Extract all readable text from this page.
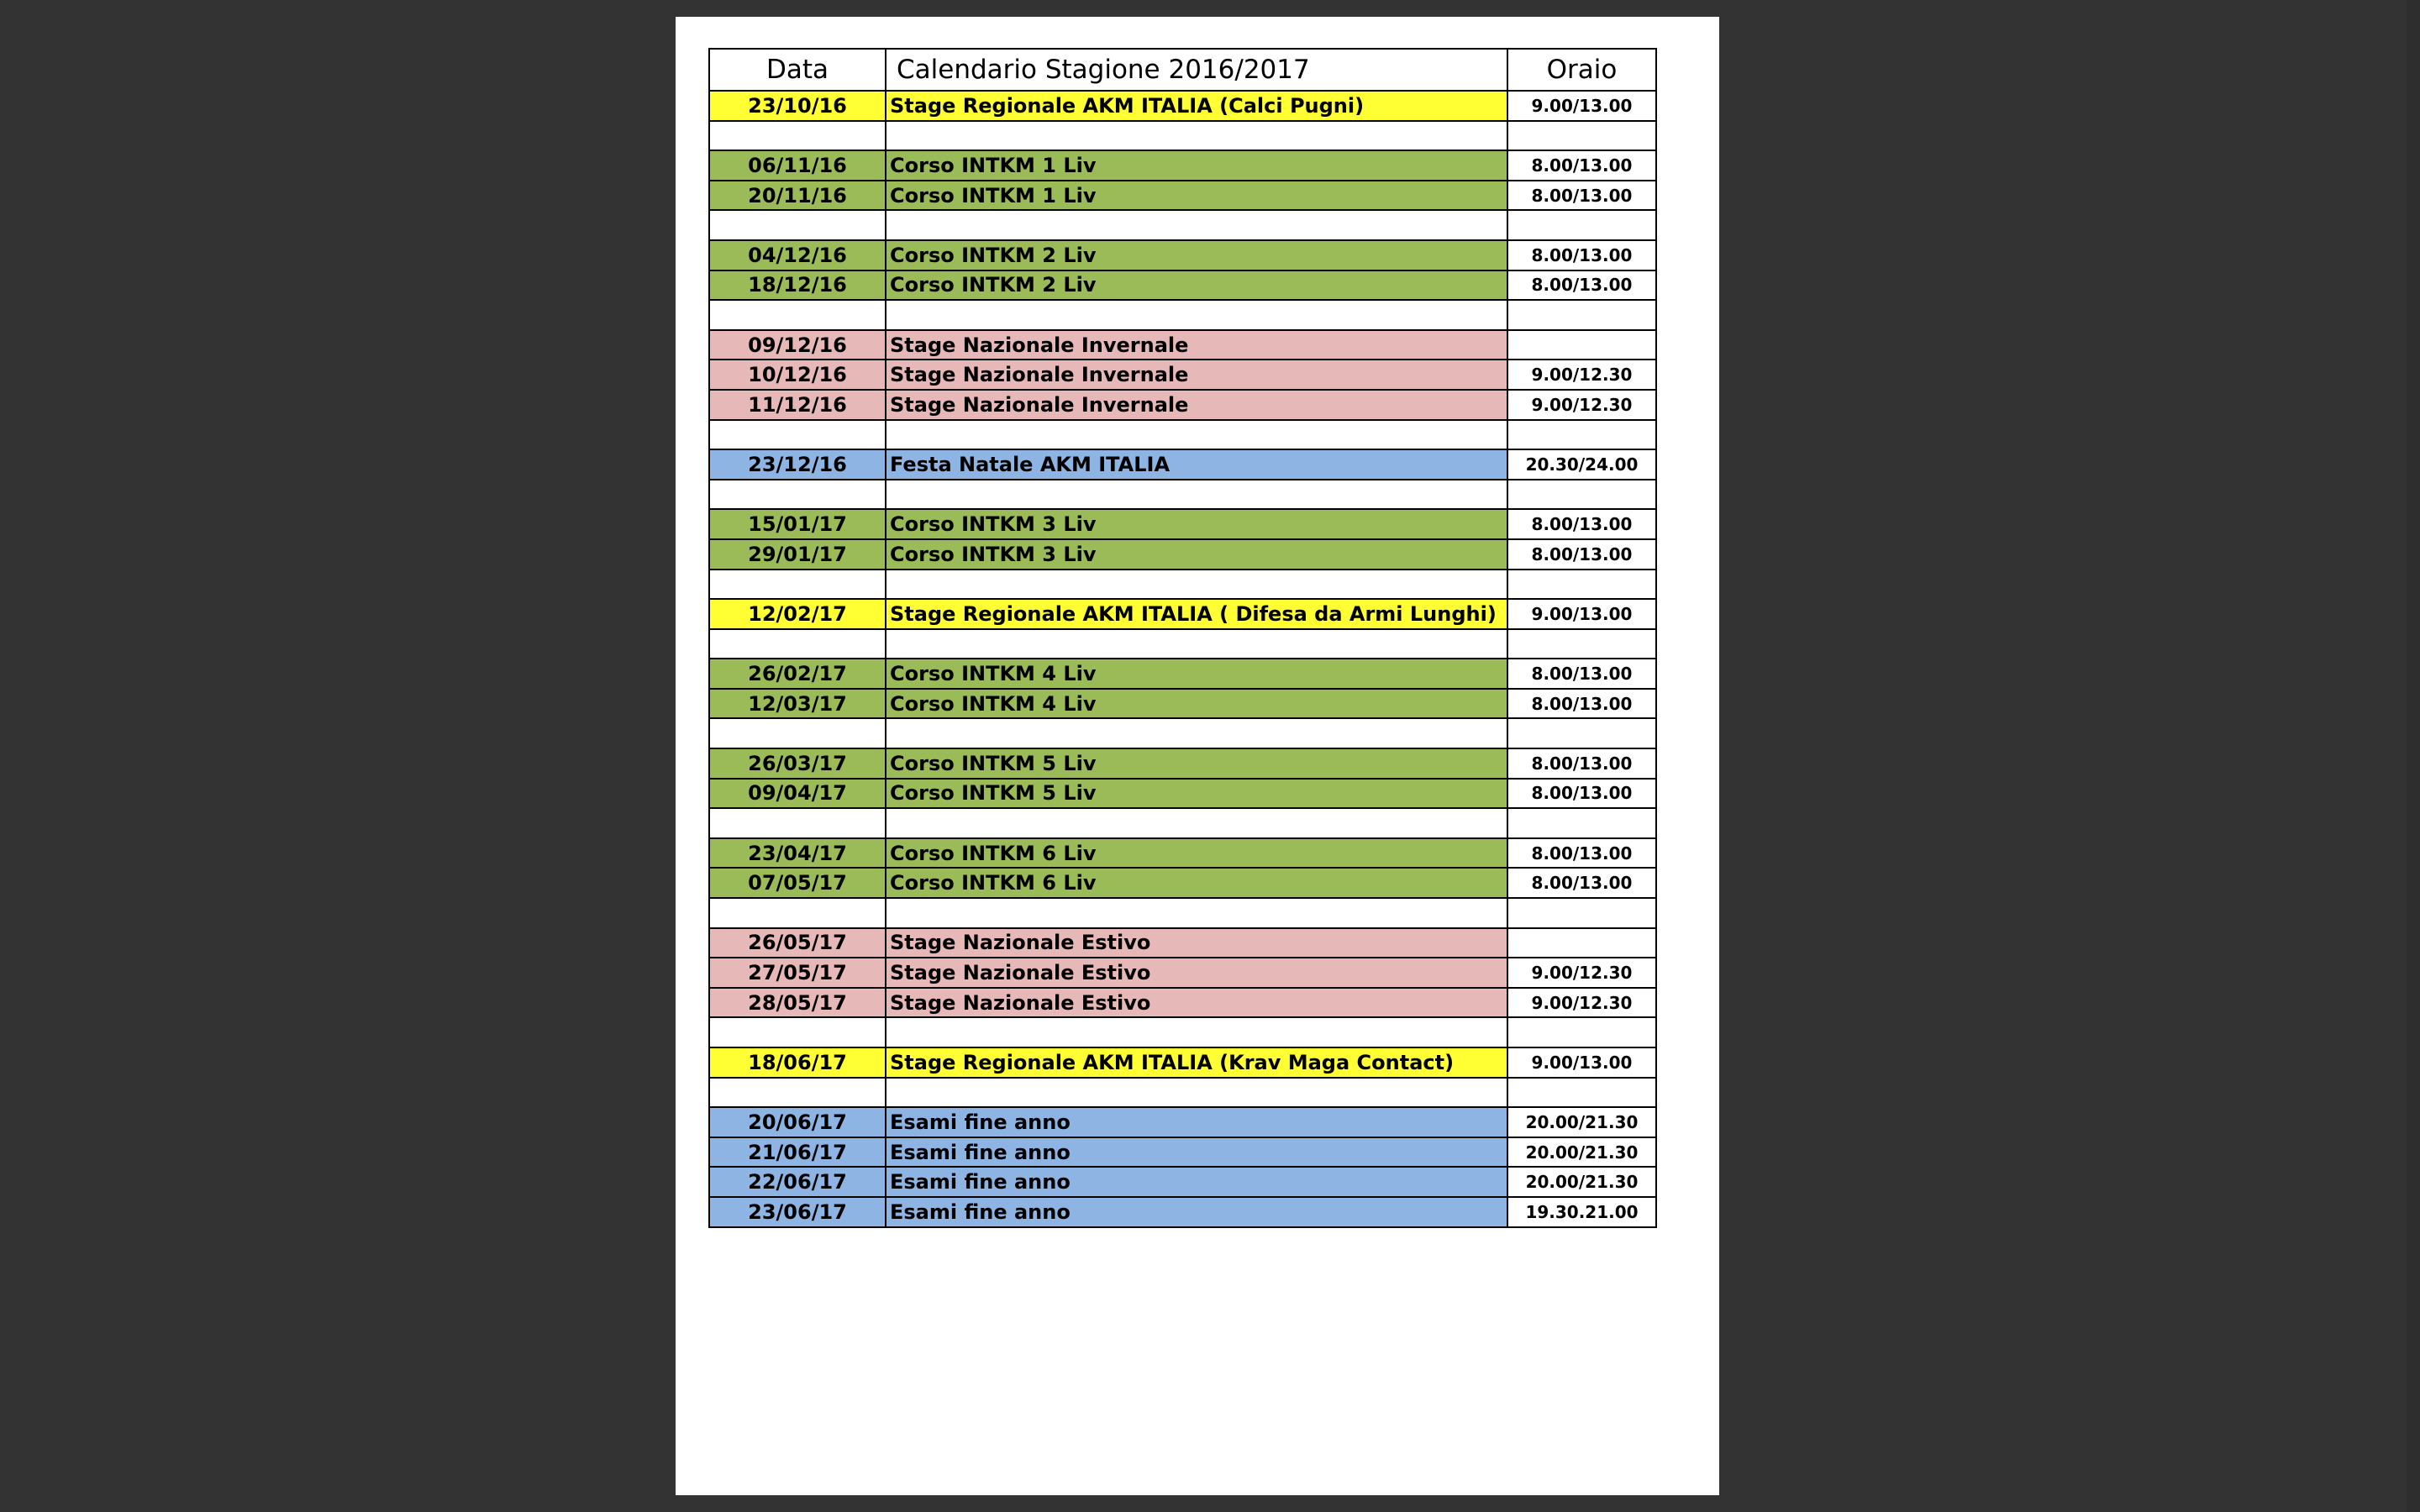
Data	Calendario Stagione 2016/2017	Oraio
23/10/16	Stage Regionale AKM ITALIA (Calci Pugni)	9.00/13.00

06/11/16	Corso INTKM 1 Liv	8.00/13.00
20/11/16	Corso INTKM 1 Liv	8.00/13.00

04/12/16	Corso INTKM 2 Liv	8.00/13.00
18/12/16	Corso INTKM 2 Liv	8.00/13.00

09/12/16	Stage Nazionale Invernale	
10/12/16	Stage Nazionale Invernale	9.00/12.30
11/12/16	Stage Nazionale Invernale	9.00/12.30

23/12/16	Festa Natale AKM ITALIA	20.30/24.00

15/01/17	Corso INTKM 3 Liv	8.00/13.00
29/01/17	Corso INTKM 3 Liv	8.00/13.00

12/02/17	Stage Regionale AKM ITALIA ( Difesa da Armi Lunghi)	9.00/13.00

26/02/17	Corso INTKM 4 Liv	8.00/13.00
12/03/17	Corso INTKM 4 Liv	8.00/13.00

26/03/17	Corso INTKM 5 Liv	8.00/13.00
09/04/17	Corso INTKM 5 Liv	8.00/13.00

23/04/17	Corso INTKM 6 Liv	8.00/13.00
07/05/17	Corso INTKM 6 Liv	8.00/13.00

26/05/17	Stage Nazionale Estivo	
27/05/17	Stage Nazionale Estivo	9.00/12.30
28/05/17	Stage Nazionale Estivo	9.00/12.30

18/06/17	Stage Regionale AKM ITALIA (Krav Maga Contact)	9.00/13.00

20/06/17	Esami fine anno	20.00/21.30
21/06/17	Esami fine anno	20.00/21.30
22/06/17	Esami fine anno	20.00/21.30
23/06/17	Esami fine anno	19.30.21.00
